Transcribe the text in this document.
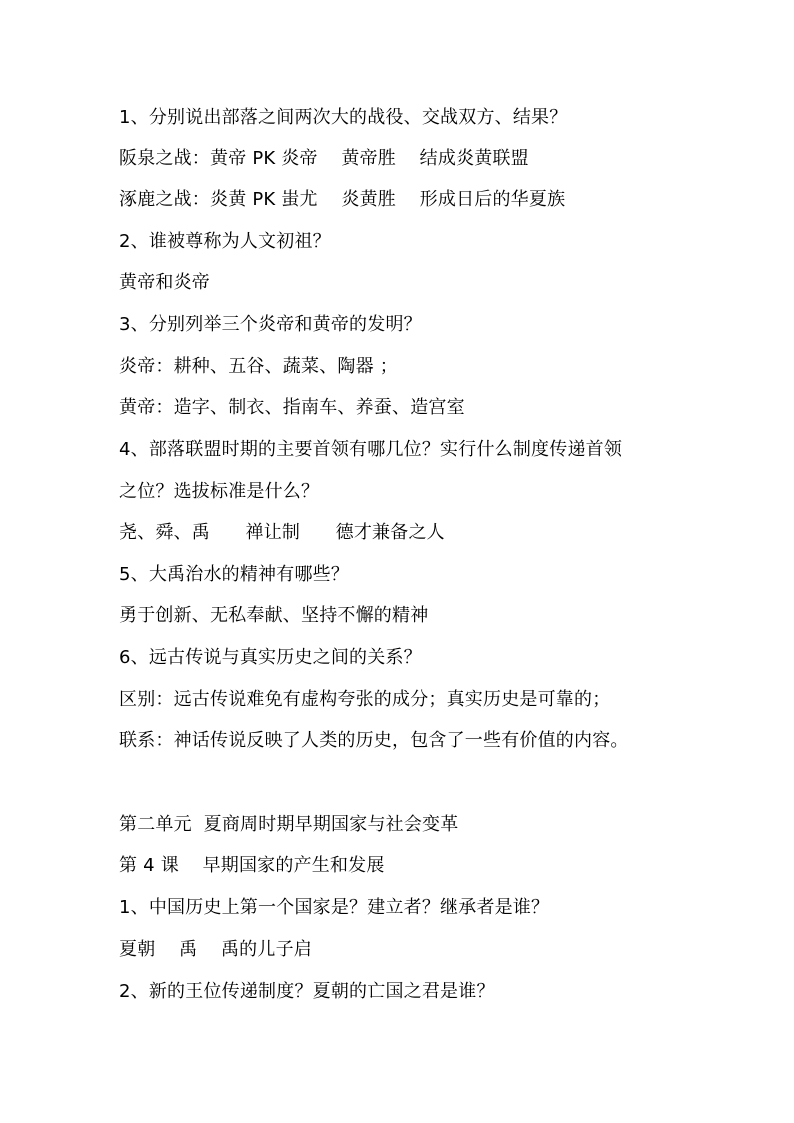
1、分别说出部落之间两次大的战役、交战双方、结果？
阪泉之战：黄帝 PK 炎帝    黄帝胜    结成炎黄联盟
涿鹿之战：炎黄 PK 蚩尤    炎黄胜    形成日后的华夏族
2、谁被尊称为人文初祖？
黄帝和炎帝
3、分别列举三个炎帝和黄帝的发明？
炎帝：耕种、五谷、蔬菜、陶器 ；
黄帝：造字、制衣、指南车、养蚕、造宫室
4、部落联盟时期的主要首领有哪几位？实行什么制度传递首领
之位？选拔标准是什么？
尧、舜、禹      禅让制      德才兼备之人
5、大禹治水的精神有哪些？
勇于创新、无私奉献、坚持不懈的精神
6、远古传说与真实历史之间的关系？
区别：远古传说难免有虚构夸张的成分；真实历史是可靠的；
联系：神话传说反映了人类的历史，包含了一些有价值的内容。
第二单元  夏商周时期早期国家与社会变革
第 4 课    早期国家的产生和发展
1、中国历史上第一个国家是？建立者？继承者是谁？
夏朝    禹    禹的儿子启
2、新的王位传递制度？夏朝的亡国之君是谁？
